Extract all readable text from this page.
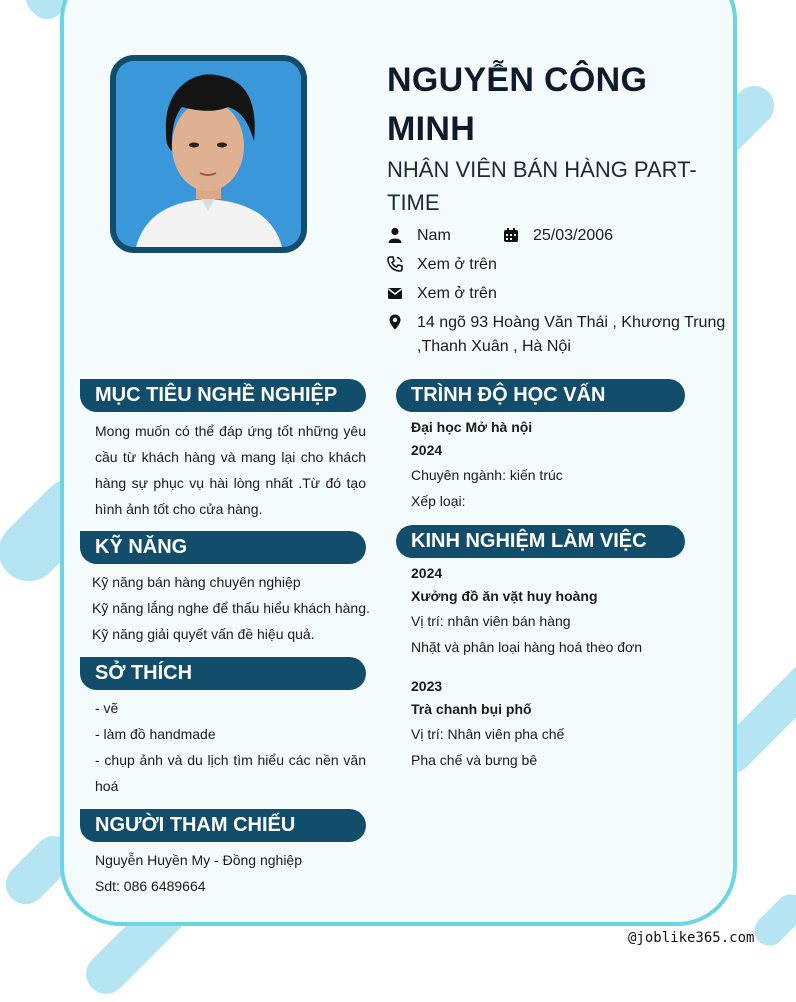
NGUYỄN CÔNG MINH
NHÂN VIÊN BÁN HÀNG PART-TIME
Nam	25/03/2006
Xem ở trên
Xem ở trên
14 ngõ 93 Hoàng Văn Thái , Khương Trung ,Thanh Xuân , Hà Nội
MỤC TIÊU NGHỀ NGHIỆP
Mong muốn có thể đáp ứng tốt những yêu cầu từ khách hàng và mang lại cho khách hàng sự phục vụ hài lòng nhất .Từ đó tạo hình ảnh tốt cho cửa hàng.
KỸ NĂNG
Kỹ năng bán hàng chuyên nghiệp
Kỹ năng lắng nghe để thấu hiểu khách hàng.
Kỹ năng giải quyết vấn đề hiệu quả.
SỞ THÍCH
- vẽ
- làm đồ handmade
- chụp ảnh và du lịch tìm hiểu các nền văn hoá
NGƯỜI THAM CHIẾU
Nguyễn Huyền My - Đồng nghiệp
Sdt: 086 6489664
TRÌNH ĐỘ HỌC VẤN
Đại học Mở hà nội
2024
Chuyên ngành: kiến trúc
Xếp loại:
KINH NGHIỆM LÀM VIỆC
2024
Xưởng đồ ăn vặt huy hoàng
Vị trí: nhân viên bán hàng
Nhặt và phân loại hàng hoá theo đơn
2023
Trà chanh bụi phố
Vị trí: Nhân viên pha chế
Pha chế và bưng bê
@joblike365.com
